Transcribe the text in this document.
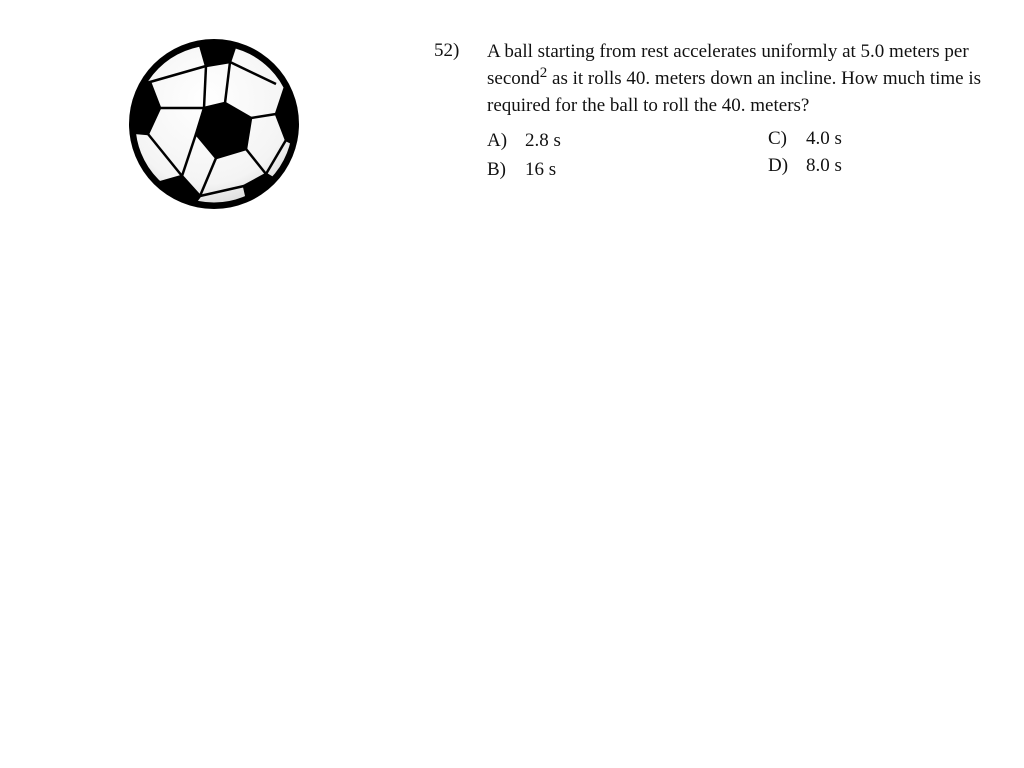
52) A ball starting from rest accelerates uniformly at 5.0 meters per
second$^2$ as it rolls 40. meters down an incline. How much time is
required for the ball to roll the 40. meters?
A) 2.8 s
B) 16 s
C) 4.0 s
D) 8.0 s
